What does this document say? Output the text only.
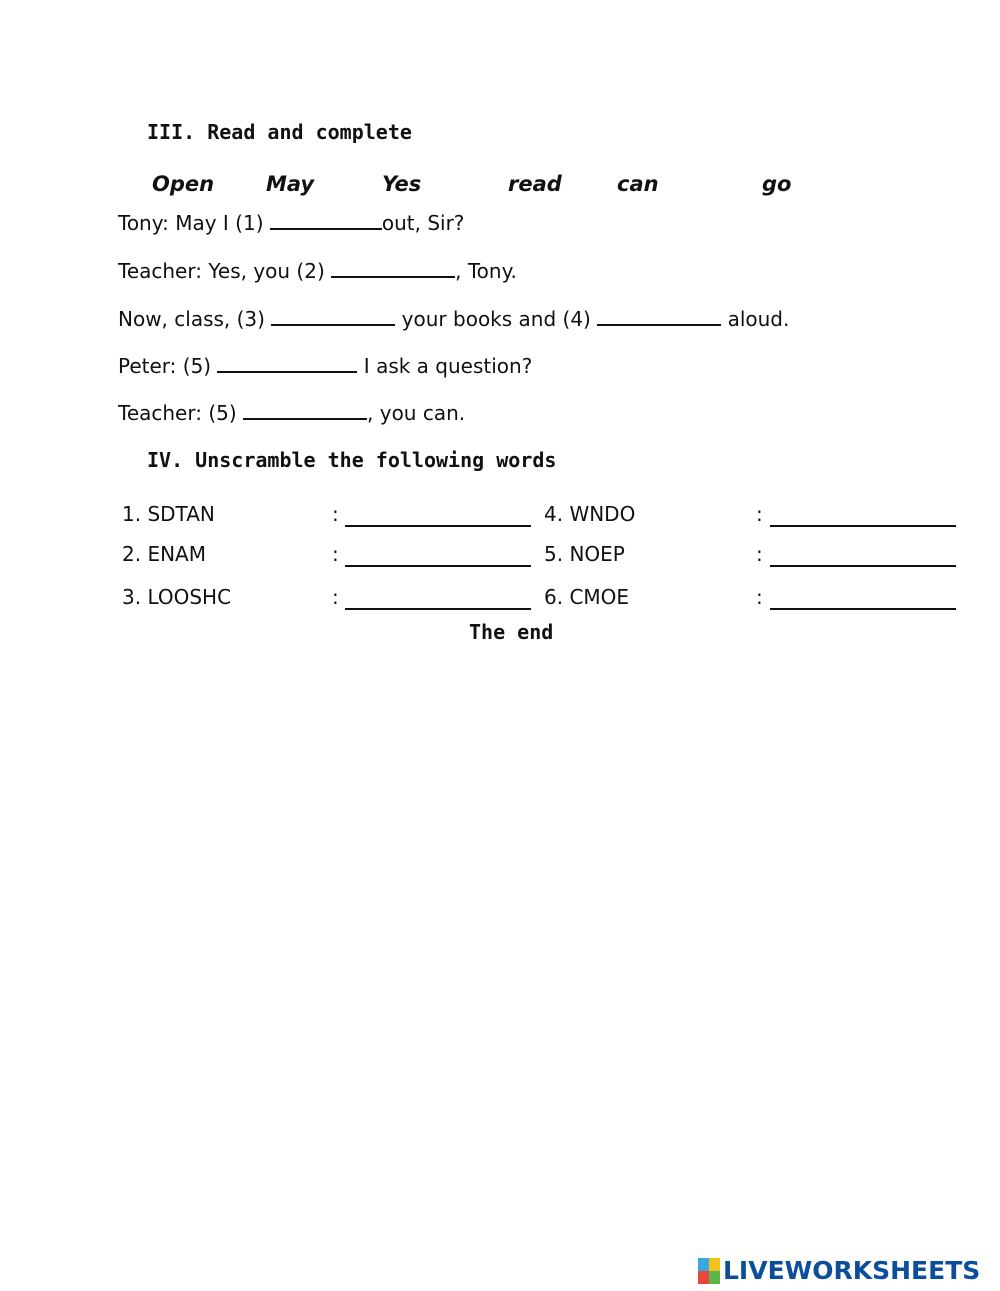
III. Read and complete
Open May	Yes	read	can	go
Tony: May I (1)	out, Sir?
Teacher: Yes, you (2)	, Tony.
Now, class, (3)	your books and (4)	aloud.
Peter: (5)	I ask a question?
Teacher: (5)	, you can.
IV. Unscramble the following words
1. SDTAN	:
2. ENAM	:
3. LOOSHC	:
4. WNDO	:
5. NOEP	:
6. CMOE	:
The end
LIVEWORKSHEETS
